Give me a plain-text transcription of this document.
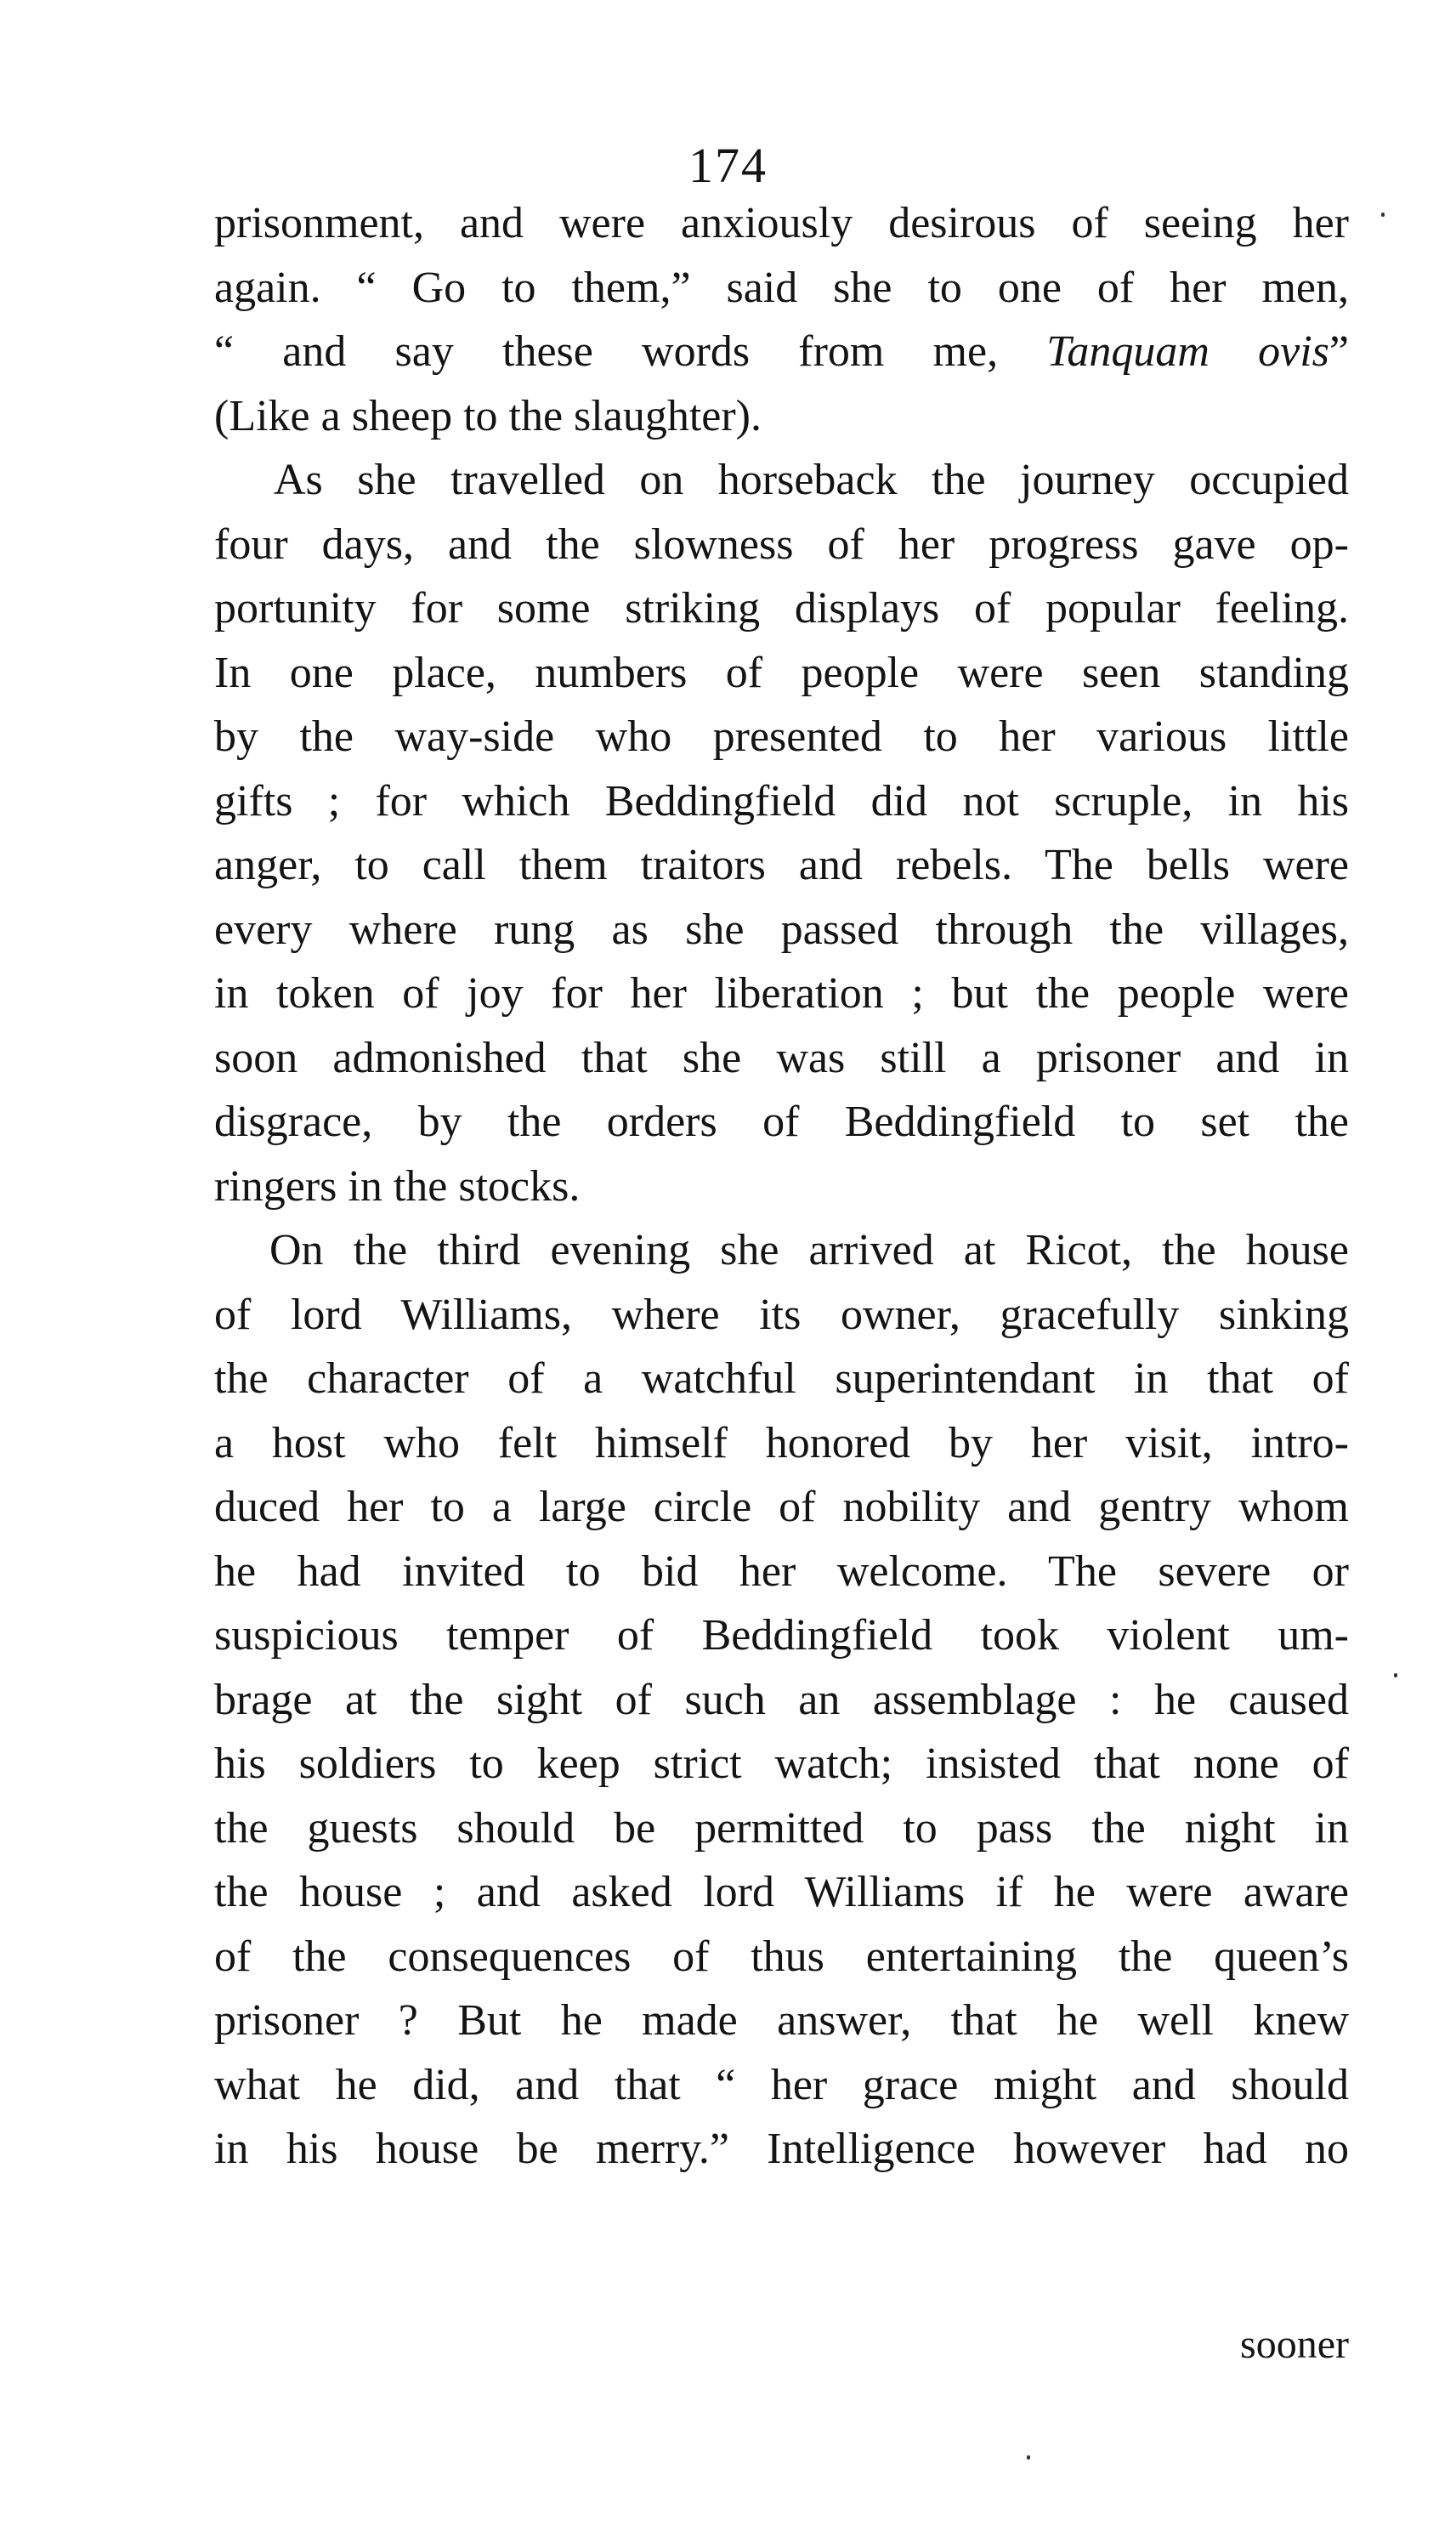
174
prisonment, and were anxiously desirous of seeing her
again. “ Go to them,” said she to one of her men,
“ and say these words from me, Tanquam ovis”
(Like a sheep to the slaughter).
As she travelled on horseback the journey occupied
four days, and the slowness of her progress gave op-
portunity for some striking displays of popular feeling.
In one place, numbers of people were seen standing
by the way-side who presented to her various little
gifts ; for which Beddingfield did not scruple, in his
anger, to call them traitors and rebels. The bells were
every where rung as she passed through the villages,
in token of joy for her liberation ; but the people were
soon admonished that she was still a prisoner and in
disgrace, by the orders of Beddingfield to set the
ringers in the stocks.
On the third evening she arrived at Ricot, the house
of lord Williams, where its owner, gracefully sinking
the character of a watchful superintendant in that of
a host who felt himself honored by her visit, intro-
duced her to a large circle of nobility and gentry whom
he had invited to bid her welcome. The severe or
suspicious temper of Beddingfield took violent um-
brage at the sight of such an assemblage : he caused
his soldiers to keep strict watch; insisted that none of
the guests should be permitted to pass the night in
the house ; and asked lord Williams if he were aware
of the consequences of thus entertaining the queen’s
prisoner ? But he made answer, that he well knew
what he did, and that “ her grace might and should
in his house be merry.” Intelligence however had no
sooner
